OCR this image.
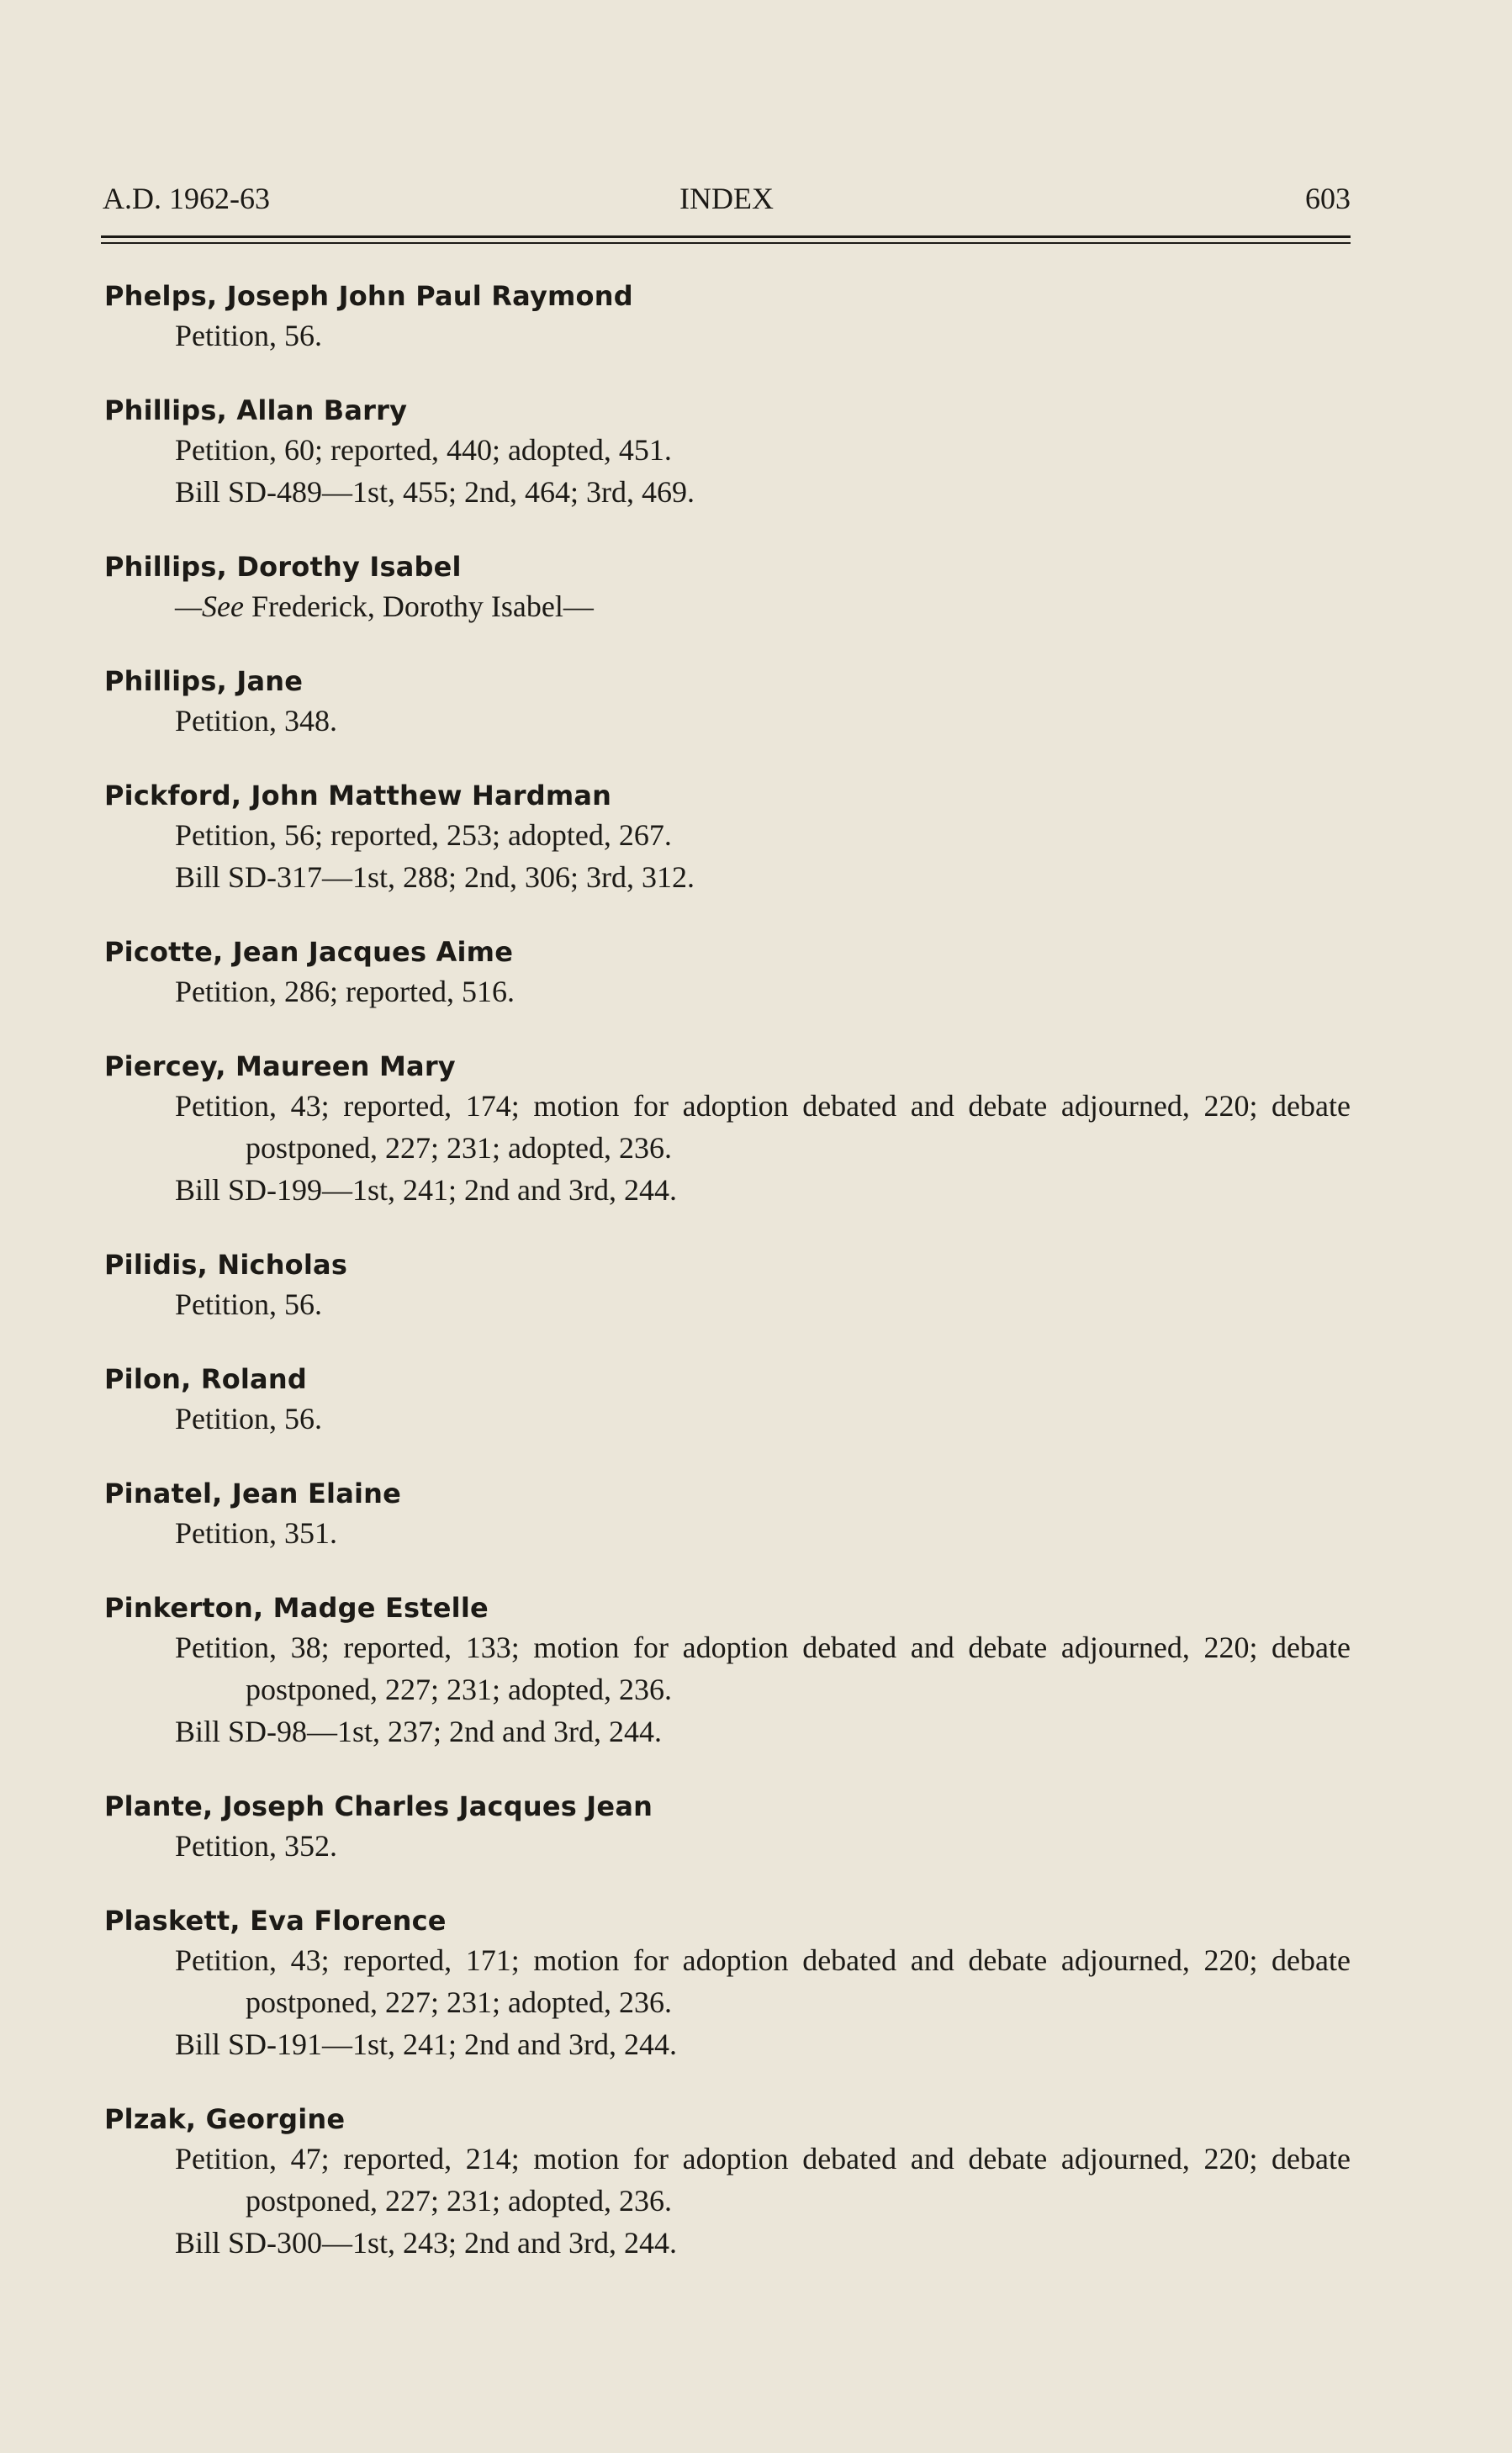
A.D. 1962-63	INDEX	603
Phelps, Joseph John Paul Raymond
Petition, 56.
Phillips, Allan Barry
Petition, 60; reported, 440; adopted, 451.
Bill SD-489—1st, 455; 2nd, 464; 3rd, 469.
Phillips, Dorothy Isabel
—See Frederick, Dorothy Isabel—
Phillips, Jane
Petition, 348.
Pickford, John Matthew Hardman
Petition, 56; reported, 253; adopted, 267.
Bill SD-317—1st, 288; 2nd, 306; 3rd, 312.
Picotte, Jean Jacques Aime
Petition, 286; reported, 516.
Piercey, Maureen Mary
Petition, 43; reported, 174; motion for adoption debated and debate adjourned, 220; debate postponed, 227; 231; adopted, 236.
Bill SD-199—1st, 241; 2nd and 3rd, 244.
Pilidis, Nicholas
Petition, 56.
Pilon, Roland
Petition, 56.
Pinatel, Jean Elaine
Petition, 351.
Pinkerton, Madge Estelle
Petition, 38; reported, 133; motion for adoption debated and debate adjourned, 220; debate postponed, 227; 231; adopted, 236.
Bill SD-98—1st, 237; 2nd and 3rd, 244.
Plante, Joseph Charles Jacques Jean
Petition, 352.
Plaskett, Eva Florence
Petition, 43; reported, 171; motion for adoption debated and debate adjourned, 220; debate postponed, 227; 231; adopted, 236.
Bill SD-191—1st, 241; 2nd and 3rd, 244.
Plzak, Georgine
Petition, 47; reported, 214; motion for adoption debated and debate adjourned, 220; debate postponed, 227; 231; adopted, 236.
Bill SD-300—1st, 243; 2nd and 3rd, 244.
